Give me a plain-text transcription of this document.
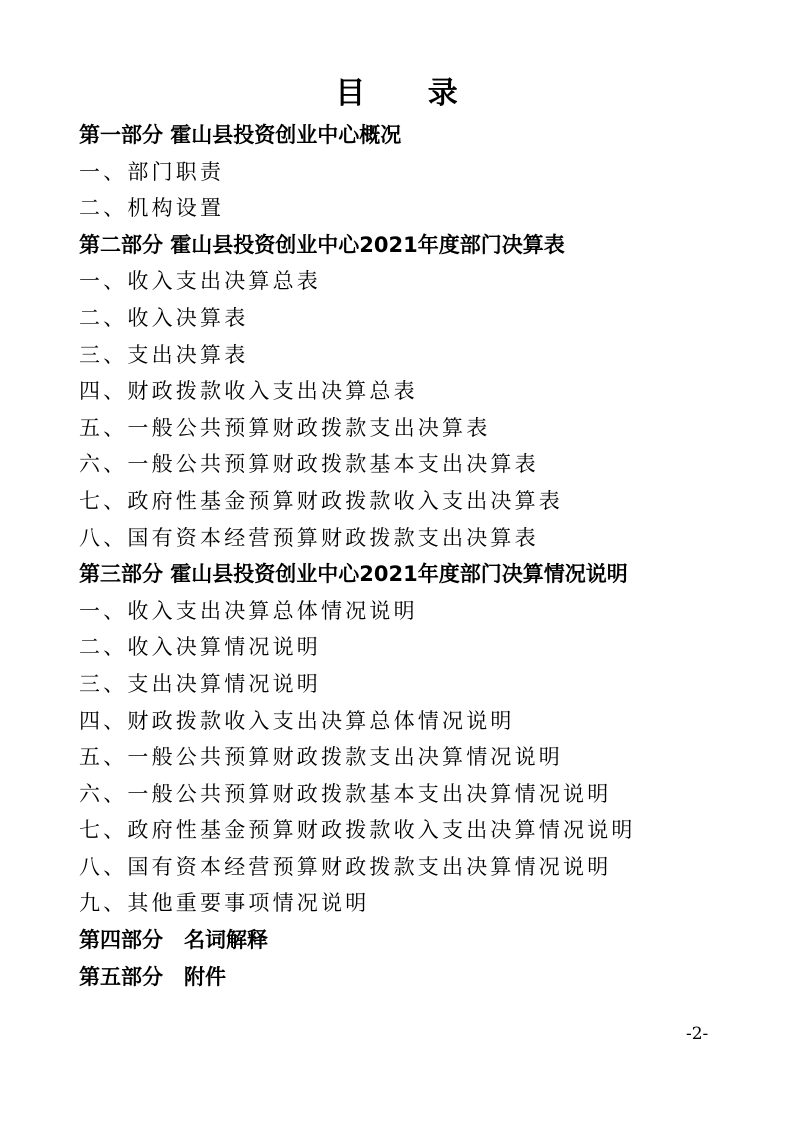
目 录
第一部分 霍山县投资创业中心概况
一、部门职责
二、机构设置
第二部分 霍山县投资创业中心2021年度部门决算表
一、收入支出决算总表
二、收入决算表
三、支出决算表
四、财政拨款收入支出决算总表
五、一般公共预算财政拨款支出决算表
六、一般公共预算财政拨款基本支出决算表
七、政府性基金预算财政拨款收入支出决算表
八、国有资本经营预算财政拨款支出决算表
第三部分 霍山县投资创业中心2021年度部门决算情况说明
一、收入支出决算总体情况说明
二、收入决算情况说明
三、支出决算情况说明
四、财政拨款收入支出决算总体情况说明
五、一般公共预算财政拨款支出决算情况说明
六、一般公共预算财政拨款基本支出决算情况说明
七、政府性基金预算财政拨款收入支出决算情况说明
八、国有资本经营预算财政拨款支出决算情况说明
九、其他重要事项情况说明
第四部分　名词解释
第五部分　附件
-2-
